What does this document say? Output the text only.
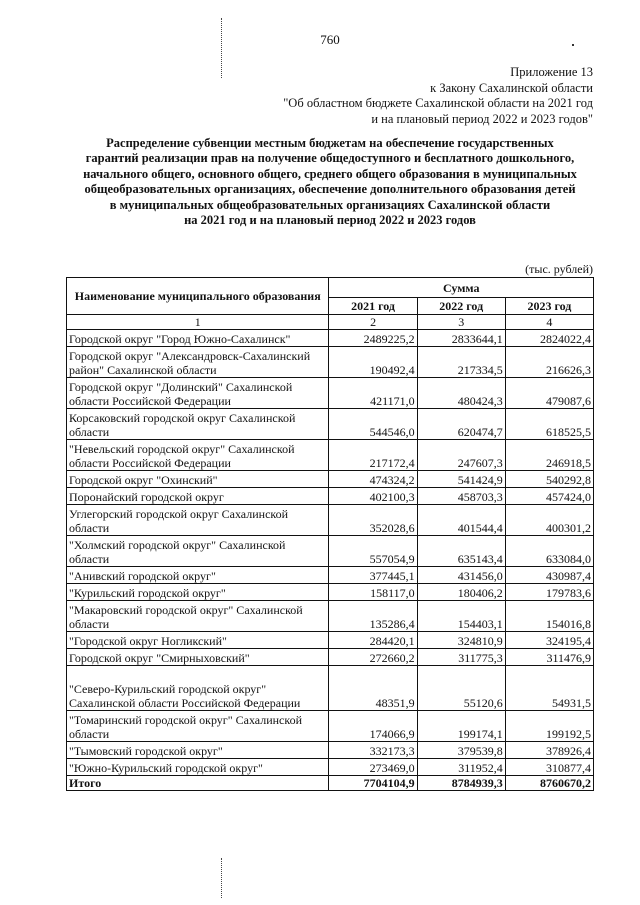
760
Приложение 13
к Закону Сахалинской области
"Об областном бюджете Сахалинской области на 2021 год
и на плановый период 2022 и 2023 годов"
Распределение субвенции местным бюджетам на обеспечение государственных
гарантий реализации прав на получение общедоступного и бесплатного дошкольного,
начального общего, основного общего, среднего общего образования в муниципальных
общеобразовательных организациях, обеспечение дополнительного образования детей
в муниципальных общеобразовательных организациях Сахалинской области
на 2021 год и на плановый период 2022 и 2023 годов
(тыс. рублей)
Наименование муниципального образования	Сумма		
	2021 год	2022 год	2023 год
1	2	3	4
Городской округ "Город Южно-Сахалинск"	2489225,2	2833644,1	2824022,4
Городской округ "Александровск-Сахалинский район" Сахалинской области	190492,4	217334,5	216626,3
Городской округ "Долинский" Сахалинской области Российской Федерации	421171,0	480424,3	479087,6
Корсаковский городской округ Сахалинской области	544546,0	620474,7	618525,5
"Невельский городской округ" Сахалинской области Российской Федерации	217172,4	247607,3	246918,5
Городской округ "Охинский"	474324,2	541424,9	540292,8
Поронайский городской округ	402100,3	458703,3	457424,0
Углегорский городской округ Сахалинской области	352028,6	401544,4	400301,2
"Холмский городской округ" Сахалинской области	557054,9	635143,4	633084,0
"Анивский городской округ"	377445,1	431456,0	430987,4
"Курильский городской округ"	158117,0	180406,2	179783,6
"Макаровский городской округ" Сахалинской области	135286,4	154403,1	154016,8
"Городской округ Ногликский"	284420,1	324810,9	324195,4
Городской округ "Смирныховский"	272660,2	311775,3	311476,9
"Северо-Курильский городской округ" Сахалинской области Российской Федерации	48351,9	55120,6	54931,5
"Томаринский городской округ" Сахалинской области	174066,9	199174,1	199192,5
"Тымовский городской округ"	332173,3	379539,8	378926,4
"Южно-Курильский городской округ"	273469,0	311952,4	310877,4
Итого	7704104,9	8784939,3	8760670,2
